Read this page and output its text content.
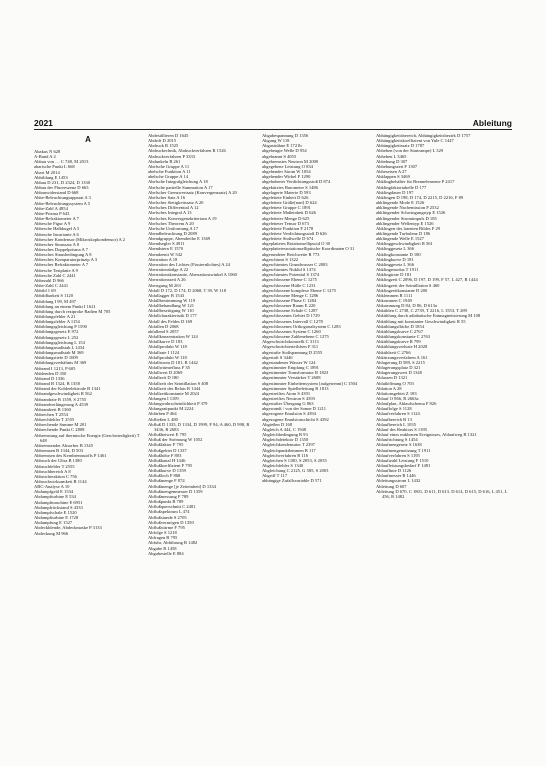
2021	Ableitung
A
Abakus N 628
A-Band A 2
Abbau von … C 748, M 2013
abarische Punkt L 668
Abart M 2014
Abbildung E 1453
Abbau D 231, D 2324, D 1330
Abbau der Fluoreszenz D 663
Abbauwiderstand D 668
Abbe-Beleuchtungsapparat A 3
Abbe-Beleuchtungssystem A 5
Abbe-Zahl A 4854
Abbe-Prisma P 643
Abbe-Refraktometer A 7
Abbesche Figur A 9
Abbesche Halbkugel A 5
Abbesche Invariante A 6
Abbescher Kondensor (Mikroskopkondensor) A 2
Abbescher Sinussatz A 8
Abbesches Doppelprisma A 7
Abbesches Sinusbedingung A 8
Abbesches Komparatorprinzip A 3
Abbescher Refraktometer A 7
Abbesche Testplatte A 9
Abbesche Zahl C 2441
Abbezahl D 966
Abbe-Zahl C 2441
Abbild 1 69
Abbildbarkeit S 1120
Abbildung I 99, M 497
Abbildung an einem Punkt I 1621
Abbildung durch reziproke Radien M 705
Abbildungsfehler A 21
Abbildungsfehler A 1154
Abbildungsgleichung P 1590
Abbildungsgesetz E 972
Abbildungsgesetz L 252
Abbildungsgleichung L 154
Abbildungsmaßstab L 1434
Abbildungsmaßstab M 369
Abbildungstiefe D 1009
Abbildungsverhältnis M 369
Abbrand I 1213, P 605
Abblenden D 350
Abbrand D 1336
Abbrand B 1324, B 1358
Abbrand der Kohleelektrode B 1341
Abbrandgeschwindigkeit R 562
Abbrandrate B 1359, S 2755
Abbrandverlängerung A 4539
Abbrandzeit B 1360
Abbrechen T 2554
Abbrechfehler T 2555
Abbrechende Summe M 201
Abbrechende Punkt C 2808
Abbremsung auf thermische Energie (Geschwindigkeit) T 648
Abbremsender Absorber B 1345
Abbremsen B 1344, D 503
Abbremsen des Kernbrennstoffs P 1461
Abbruch der Ultra B 1380
Abbruchfehler T 2555
Abbruchbereich A 8
Abbruchreaktion C 756
Abbruchwirksamkeit B 1144
ABC-Analyse A 10
Abdampfgeld E 1534
Abdampfturbine E 534
Abdampfmaschine E 6951
Abdampfrückstand S 4333
Abdampfschale E 1520
Abdampfturbine E 1728
Abdampfung E 1527
Abdeckblende, Abdeckmaske P 3133
Abdeckung M 966
Abdestillieren D 1645
Abdrift D 2015
Abdruck R 1525
Abdruckechnik, Abdruckverfahren R 1526
Abdruckverfahren P 3333
Abdunkeln B 261
Abelsche Gruppe A 11
abelsche Funktion A 11
abelsche Gruppe A 14
Abelsche Integralgleichung A 18
Abelsche partielle Summation A 17
Abelscher Grenzwertsatz (Konvergenzsatz) A 20
Abelscher Satz A 16
Abelscher Stetigkeitssatz A 20
Abelsches Differential A 12
Abelsches Integral A 13
Abelsches Konvergenzkriterium A 19
Abelsches Theorem A 20
Abelsche Umformung A 17
Abendbeleuchtung D 2089
Abendgruppe, Abendreihe E 1369
Abendsegler S 4911
Abendstern E 1570
Abendzenit W 542
Aberration A 18
Aberration des Lichtes (Fixsternlichtes) A 24
Aberrationsbilge A 22
Aberrationskonstante, Aberrationswinkel A 1060
Aberrationszeit A 26
Aberrgung M 263
Abfall D 172, D 174, D 2068, T 39, W 118
Abfallagger B 1543
Abfallbestimmung W 119
Abfallbehandlung W 121
Abfallbeseitigung W 110
Abfallcharakteristik D 177
Abfall des Feldes D 169
Abfallen D 2068
abfallend S 2057
Abfallkonzentration W 124
Abfallkurve D 183
Abfallprodukt W 118
Abfallrate I 1124
Abfallprodukt W 118
Abfallstrom D 181, R 1442
Abfallwärmefluss F 35
Abfallwert D 2069
Abfallzeit D 180
Abfallzeit der Szintillation S 408
Abfallzeit des Relais R 1444
Abfallzeitkonstante M 2024
Abfangen I 1109
Abfangwahrscheinlichkeit P 379
Abfangrattpunkt M 2224
Abfärben P 464
Abfließen L 480
Abfluß D 1335, D 1334, D 1999, F 94, A 460, D 998, R 3436, R 2683
Abflußbeiwert E 795
Abfluß der Strömung W 1052
Abflußfaktor F 795
Abflußgebiet D 1337
Abflußhöhe F 803
Abflußkanal H 1446
Abflußkoeffizient F 795
Abflußkurve D 1359
Abflußloch F 868
Abflußmenge F 874
Abflußmenge [je Zeiteinheit] D 1334
Abflußmengenmesser D 1359
Abflußmessung F 789
Abflußpunkt B 789
Abflußquerschnitt C 2481
Abflußspektrum L 474
Abflußstunde S 2705
Abflußvermögen D 1350
Abflußwärme F 795
Abfolge S 1218
Abfragen B 795
Abfuhr, Abführung R 1482
Abgabe R 1458
Abgabestelle E 884
Abgabespannung D 1356
Abgang W 118
Abgastrübne E 1721b
abgebeugte Welle D 954
abgebrannt S 4055
abgebremstes Neutron M 2000
abgegebene Leistung O 834
abgehender Strom W 1054
abgehender Wirbel F 1290
abgehobener Verdichtungsstoß D 874
abgekürztes Barometer S 1486
abgelagerte Materie D 593
abgeleitete Einheit D 626
abgeleitete Größe[nart] D 624
abgeleitete Gruppe C 1891
abgeleitete Maßeinheit D 626
abgeleiteter Menge D 625
abgeleiteter Tensor D 673
abgeleitete Funktion F 2178
abgeleitete Verdichtungsstoß D 626
abgeleitete Stoßwelle D 674
abgeplattetes Rotationsellipsoid O 30
abgeplattetesrotationselliptische Koordinaten O 31
abgerundeter Reichweite R 773
abgeschirmt S 1322
abgeschirmtes Grundwasser C 2003
abgeschirmtes Nuklid S 1374
abgeschirmtes Potential S 1374
abgeschlossene Ebene C 1275
abgeschlossene Hülle C 1231
abgeschlossene komplexe Ebene C 1275
abgeschlossene Menge C 1286
abgeschlossene Phase C 1284
abgeschlossener Raum E 220
abgeschlossene Schale C 1287
abgeschlossenes Gebiet D 1729
abgeschlossenes Intervall C 1278
abgeschlossenes Orthogonalsystem C 1283
abgeschlossenes System C 1260
abgeschlossene Zahlenebene C 1275
Abgeschwächtkonstellt C 3113
Abgeschwächterteilchen F 311
abgestufte Stoßspannung D 2555
abgestuft S 3446
abgestandenes Wasser W 124
abgestimmter Empfang C 1891
abgestimmter Transformator R 1823
abgestimmter Verstärker T 2608
abgestimmter Einheitensystem [aufgetrennt] C 1504
abgestimmter Spielbeleitung R 1813
abgestreiftes Atom S 4391
abgestreiftes Neutron S 4393
abgestufter Übergang G 863
abgewandt / von der Sonne D 1211
abgezogene Emulsion S 4394
abgezogene Emulsionschicht S 4392
Abgießen D 168
Abgleich A 444, C 1948
Abgleichbedingung B 93
Abgleichdetektor D 1350
Abgleichkondensator T 2397
Abgleichpunktlemmen B 117
Abgleichverfahren B 116
Abgleichen S 1180, S 2053, S 2055
Abgleichfehler S 1340
Abgleichung C 2125, G 585, S 2003
Abgriff T 117
abhängige Zufallsvariable D 571
Abhängigkeitsbereich, Abhängigkeitsbezirk D 1757
Abhängigkeitskoeffizient von Yule C 1447
Abhängigkeitssatz D 1787
Abheben (von der Startrampe) L 329
Abheben L 3465
Abhebung D 307
Abhebungszeit F 1307
Abhesetsen A 27
Abklappen S 3469
Abklingbehälter für Brennelemente P 2417
Abklingfaktortabelle D 177
Abklingdauer D 197
Abklingen D 198, D 174, D 2215, D 2216, F 89
abklingende Mode E 1526
abklingende Nachemission P 2532
abklingender Schwingungstyp E 1526
abklingender Stromimpuls D 185
abklingender Wellentyp E 1526
Abklingen des latenten Bildes F 29
abklingende Turbulenz D 186
abklingende Welle E 1527
Abklinggeschwindigkeit R 561
Abklinggesetz L 366
Abklingkonstante D 180
Abklingkurve D 181
Abklinggesetz L 366
Abklingrmodus T 1911
Abklingtrate D 181
Abklingzeit C 2096, D 197, D 199, F 57, L 427, R 1444
Abklingzeit der Szintillation S 460
Abklingzeitkonstante D 200
Abklemmen R 1111
Abkommen C 1949
Abkommung D 84, D 86, D 613a
Abkühlen C 2738, C 2739, T 2216, L 1553, T 289
Abkühlung durch adiabatische Entmagnetisierung M 108
Abkühlung mit konstanter Geschwindigkeit R 55
Abkühlungsfläche D 1854
Abkühlungskurve C 2767
Abkühlungskonstante C 2763
Abkühlungskurve R 799
Abkühlungsverluste H 2028
Abkühlzeit C 2766
Abkürzungsverfahren A 161
Ablagerung D 589, S 2215
Ablagerungsplatz D 321
Ablagerungswert D 1340
Ablassen D 1321
Ablaßöffnung O 703
Ablation A 28
Ablationsgebiet Z 183
Ablauf O 866, R 2663a
Ablaufplan, Ablaufschema F 826
Ablauffolge S 1128
Ablaufverfahren S 1124
Ablaufbereich B 13
Ablaufbereich L 1035
Ablauf des Reaktors S 1395
Ablauf eines nuklearen Ereignisses, Ablaufweg B 1321
Ablaufrichtung S 1454
Ablaufmengesetz S 1638
Ablaufmengenoitzung T 1911
Ablaufverfahren S 1195
Ablauftzahl Leistung F 1510
Ablaufleistungsbedarf F 1481
Ablauflinie D 1126
Ablaufmesser R 1446
Ableitungsstrom L 1432
Ableitung D 607
Ableitung D 670, C 1801, D 611, D 613, D 614, D 615, D 616, L 451, L 456, R 1482
